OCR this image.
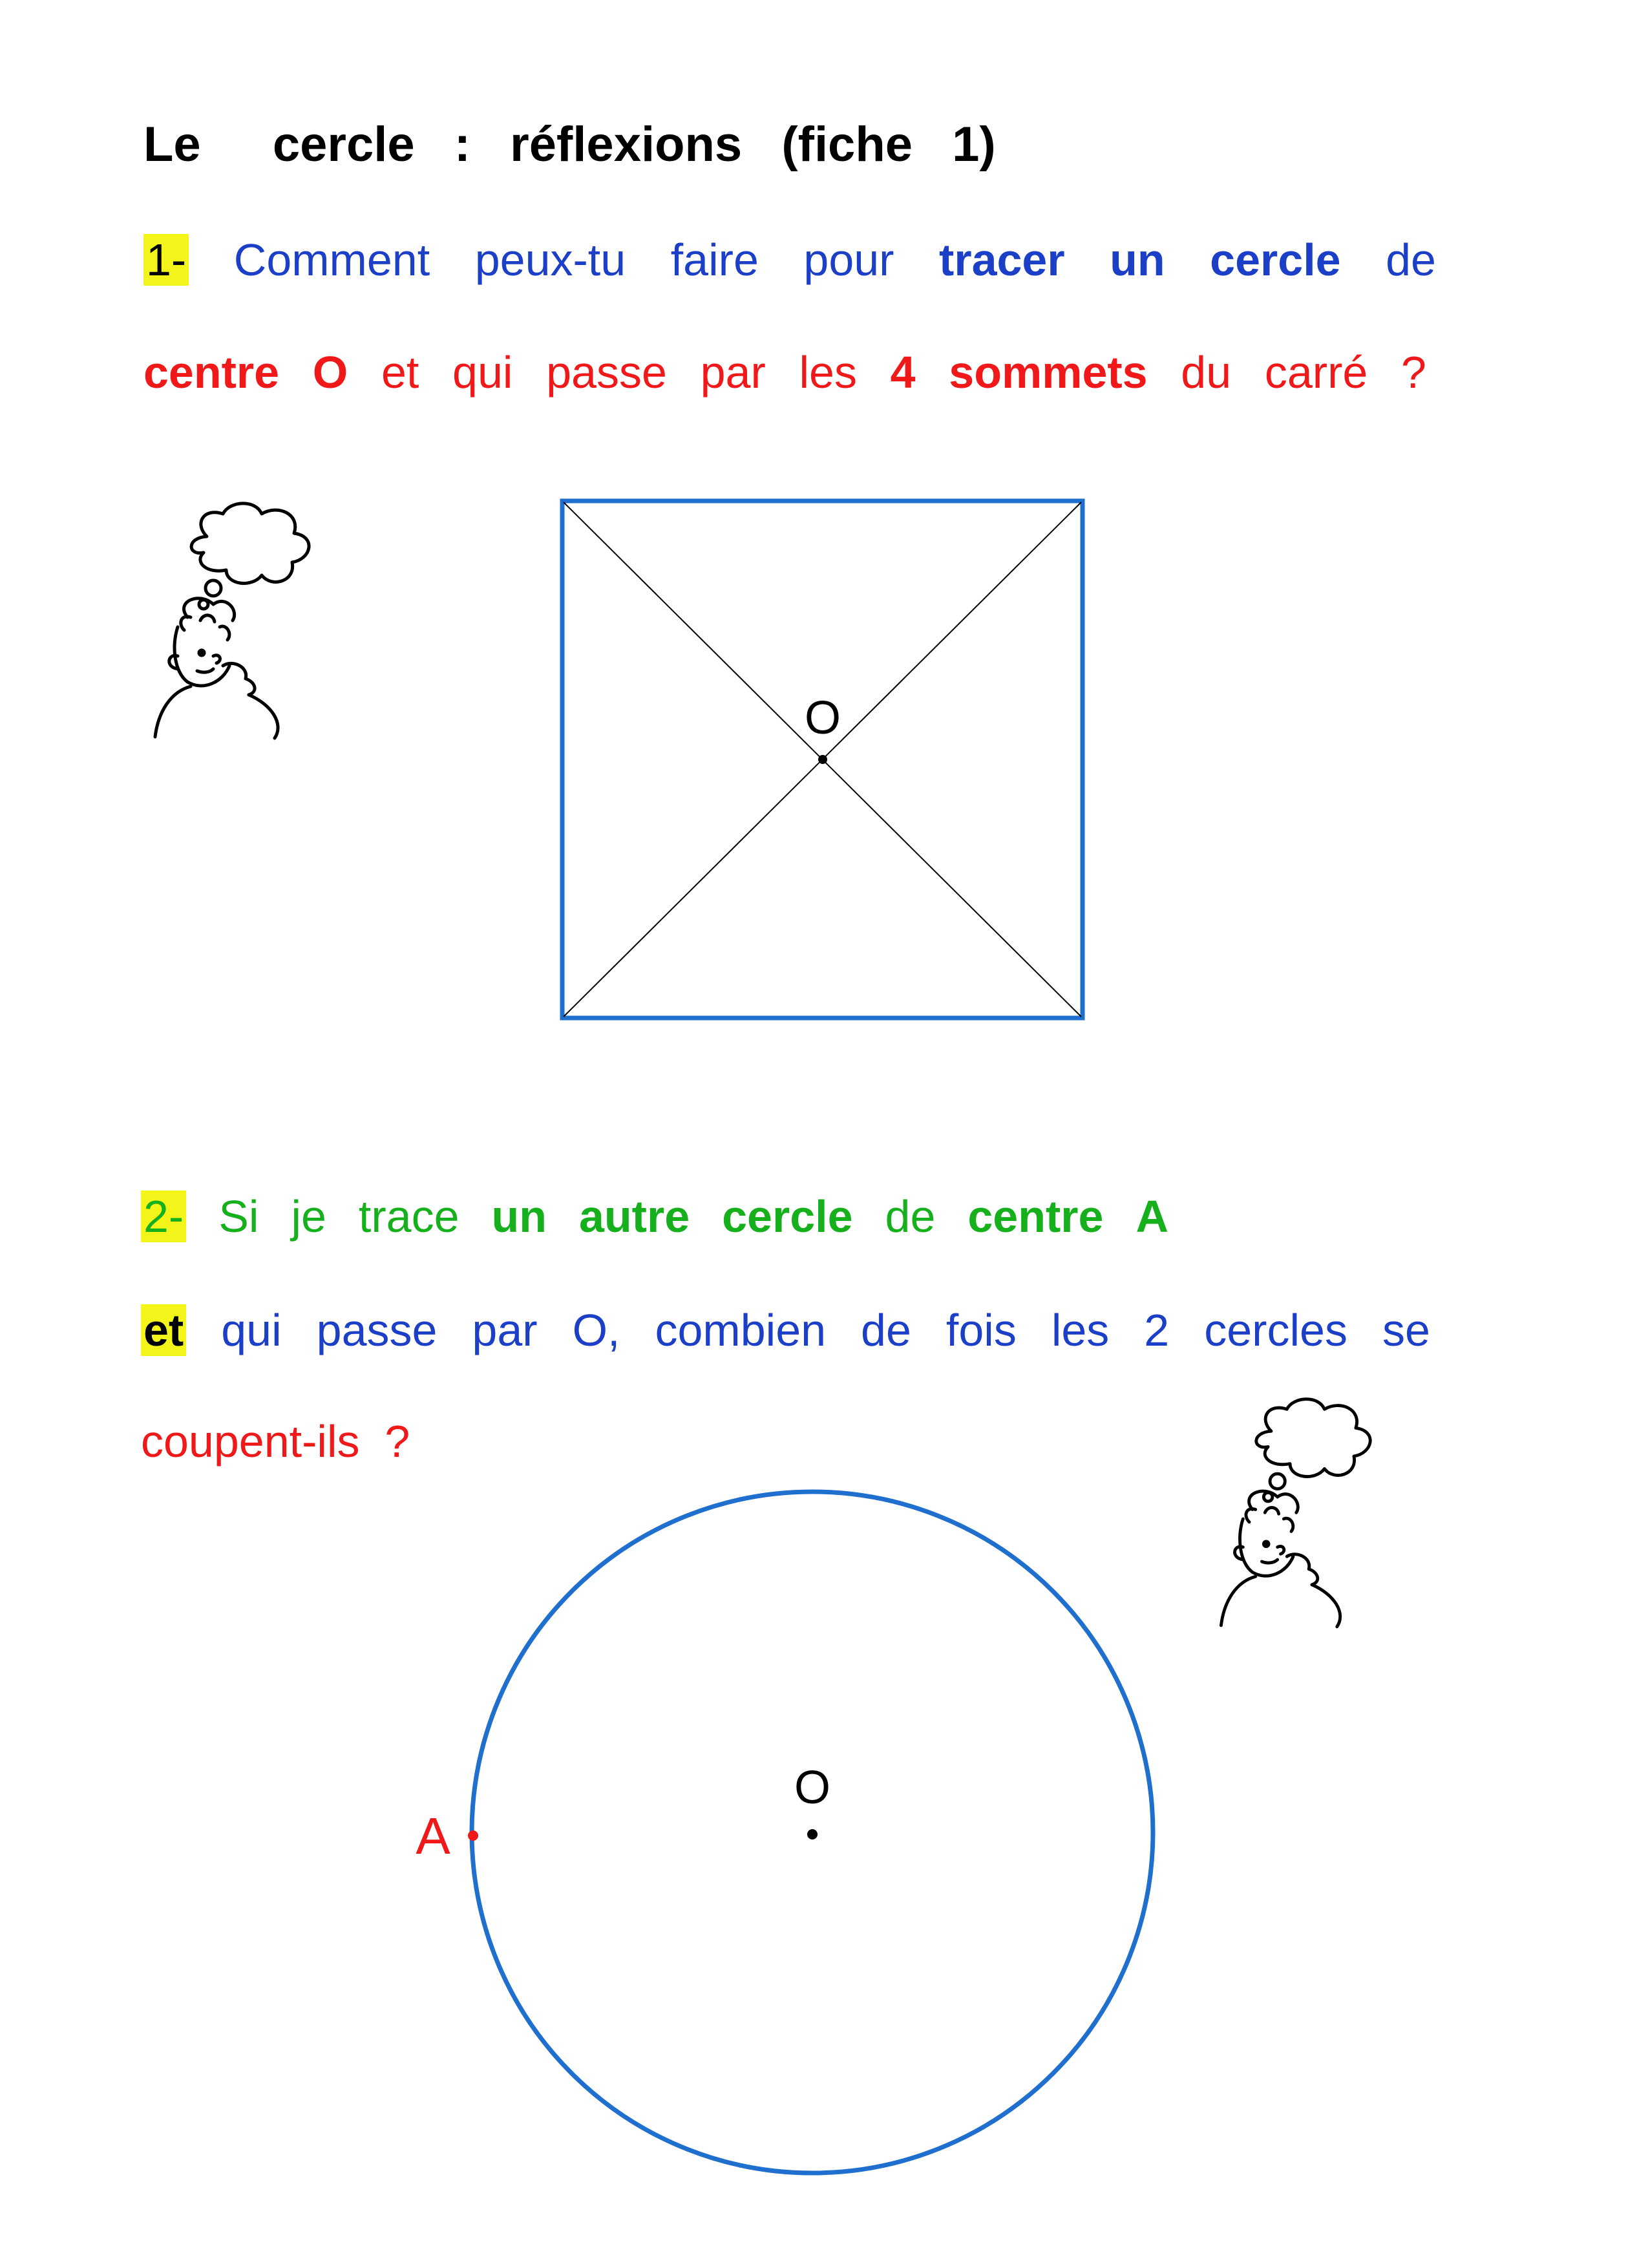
Le cercle : réflexions (fiche 1)
1- Comment peux-tu faire pour tracer un cercle de
centre O et qui passe par les 4 sommets du carré ?
O
2- Si je trace un autre cercle de centre A
et qui passe par O, combien de fois les 2 cercles se
coupent-ils  ?
O
A
